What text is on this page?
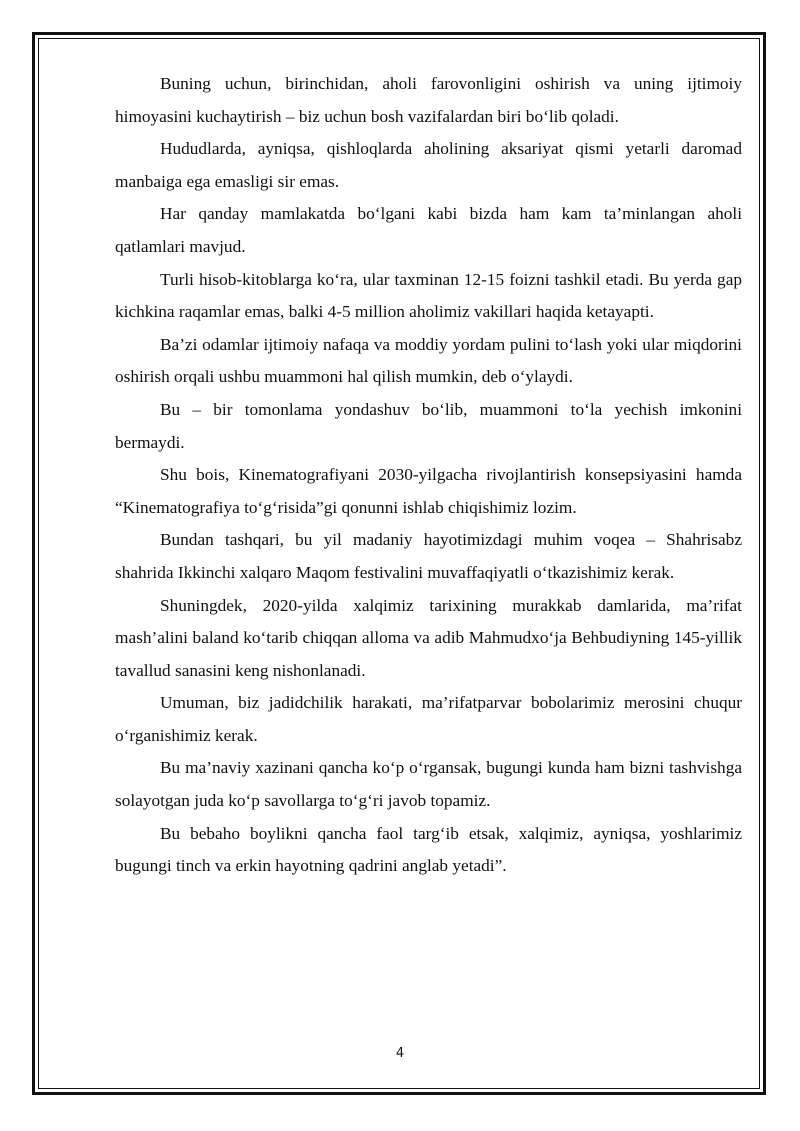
Buning uchun, birinchidan, aholi farovonligini oshirish va uning ijtimoiy himoyasini kuchaytirish – biz uchun bosh vazifalardan biri bo‘lib qoladi.

Hududlarda, ayniqsa, qishloqlarda aholining aksariyat qismi yetarli daromad manbaiga ega emasligi sir emas.

Har qanday mamlakatda bo‘lgani kabi bizda ham kam ta’minlangan aholi qatlamlari mavjud.

Turli hisob-kitoblarga ko‘ra, ular taxminan 12-15 foizni tashkil etadi. Bu yerda gap kichkina raqamlar emas, balki 4-5 million aholimiz vakillari haqida ketayapti.

Ba’zi odamlar ijtimoiy nafaqa va moddiy yordam pulini to‘lash yoki ular miqdorini oshirish orqali ushbu muammoni hal qilish mumkin, deb o‘ylaydi.

Bu – bir tomonlama yondashuv bo‘lib, muammoni to‘la yechish imkonini bermaydi.

Shu bois, Kinematografiyani 2030-yilgacha rivojlantirish konsepsiyasini hamda “Kinematografiya to‘g‘risida”gi qonunni ishlab chiqishimiz lozim.

Bundan tashqari, bu yil madaniy hayotimizdagi muhim voqea – Shahrisabz shahrida Ikkinchi xalqaro Maqom festivalini muvaffaqiyatli o‘tkazishimiz kerak.

Shuningdek, 2020-yilda xalqimiz tarixining murakkab damlarida, ma’rifat mash’alini baland ko‘tarib chiqqan alloma va adib Mahmudxo‘ja Behbudiyning 145-yillik tavallud sanasini keng nishonlanadi.

Umuman, biz jadidchilik harakati, ma’rifatparvar bobolarimiz merosini chuqur o‘rganishimiz kerak.

Bu ma’naviy xazinani qancha ko‘p o‘rgansak, bugungi kunda ham bizni tashvishga solayotgan juda ko‘p savollarga to‘g‘ri javob topamiz.

Bu bebaho boylikni qancha faol targ‘ib etsak, xalqimiz, ayniqsa, yoshlarimiz bugungi tinch va erkin hayotning qadrini anglab yetadi”.

4
